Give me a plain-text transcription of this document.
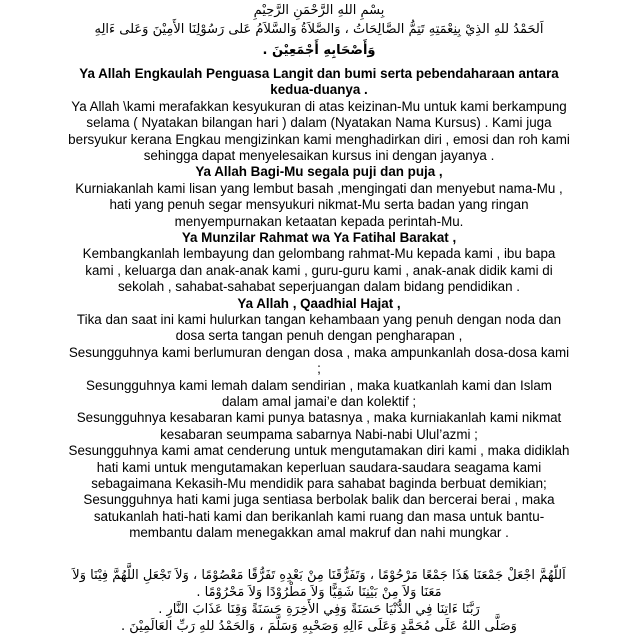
بِسْمِ اللهِ الرَّحْمَنِ الرَّحِيْمِ
اَلحَمْدُ للهِ الذِيْ بِنِعْمَتِهِ تَتِمُّ الصَّالِحَاتُ ، وَالصَّلاَةُ وَالسَّلاَمُ عَلى رَسُوْلِنَا الأَمِيْنَ وَعَلى ءَالِهِ
وَأَصْحَابِهِ أَجْمَعِيْنَ .
Ya Allah Engkaulah Penguasa Langit dan bumi serta pebendaharaan antara
kedua-duanya .
Ya Allah \kami merafakkan kesyukuran di atas keizinan-Mu untuk kami berkampung
selama ( Nyatakan bilangan hari ) dalam (Nyatakan Nama Kursus) . Kami juga
bersyukur kerana Engkau mengizinkan kami menghadirkan diri , emosi dan roh kami
sehingga dapat menyelesaikan kursus ini dengan jayanya .
Ya Allah Bagi-Mu segala puji dan puja ,
Kurniakanlah kami lisan yang lembut basah ,mengingati dan menyebut nama-Mu ,
hati yang penuh segar mensyukuri nikmat-Mu serta badan yang ringan
menyempurnakan ketaatan kepada perintah-Mu.
Ya Munzilar Rahmat wa Ya Fatihal Barakat ,
Kembangkanlah lembayung dan gelombang rahmat-Mu kepada kami , ibu bapa
kami , keluarga dan anak-anak kami , guru-guru kami , anak-anak didik kami di
sekolah , sahabat-sahabat seperjuangan dalam bidang pendidikan .
Ya Allah , Qaadhial Hajat ,
Tika dan saat ini kami hulurkan tangan kehambaan yang penuh dengan noda dan
dosa serta tangan penuh dengan pengharapan ,
Sesungguhnya kami berlumuran dengan dosa , maka ampunkanlah dosa-dosa kami
;
Sesungguhnya kami lemah dalam sendirian , maka kuatkanlah kami dan Islam
dalam amal jamai’e dan kolektif ;
Sesungguhnya kesabaran kami punya batasnya , maka kurniakanlah kami nikmat
kesabaran seumpama sabarnya Nabi-nabi Ulul’azmi ;
Sesungguhnya kami amat cenderung untuk mengutamakan diri kami , maka didiklah
hati kami untuk mengutamakan keperluan saudara-saudara seagama kami
sebagaimana Kekasih-Mu mendidik para sahabat baginda berbuat demikian;
Sesungguhnya hati kami juga sentiasa berbolak balik dan bercerai berai , maka
satukanlah hati-hati kami dan berikanlah kami ruang dan masa untuk bantu-
membantu dalam menegakkan amal makruf dan nahi mungkar .
اَللّهُمَّ اجْعَلْ جَمْعَنَا هَذَا جَمْعًا مَرْحُوْمًا ، وَتَفَرُّقَنَا مِنْ بَعْدِهِ تَفَرُّقًا مَعْصُوْمًا ، وَلاَ تَجْعَلِ اللَّهُمَّ فِيْنَا وَلاَ
مَعَنَا وَلاَ مِنْ بَيْنِنَا شَقِيًّا وَلاَ مَطْرُوْدًا وَلاَ مَحْرُوْمًا .
رَبَّنَا ءَاتِنَا فِي الدُّنْيَا حَسَنَةً وَفِي الأَخِرَةِ حَسَنَةً وَقِنَا عَذَابَ النَّارِ .
وَصَلَّى اللهُ عَلَى مُحَمَّدٍ وَعَلَى ءَالِهِ وَصَحْبِهِ وَسَلَّمَ ، وَالحَمْدُ للهِ رَبِّ العَالَمِيْنَ .
